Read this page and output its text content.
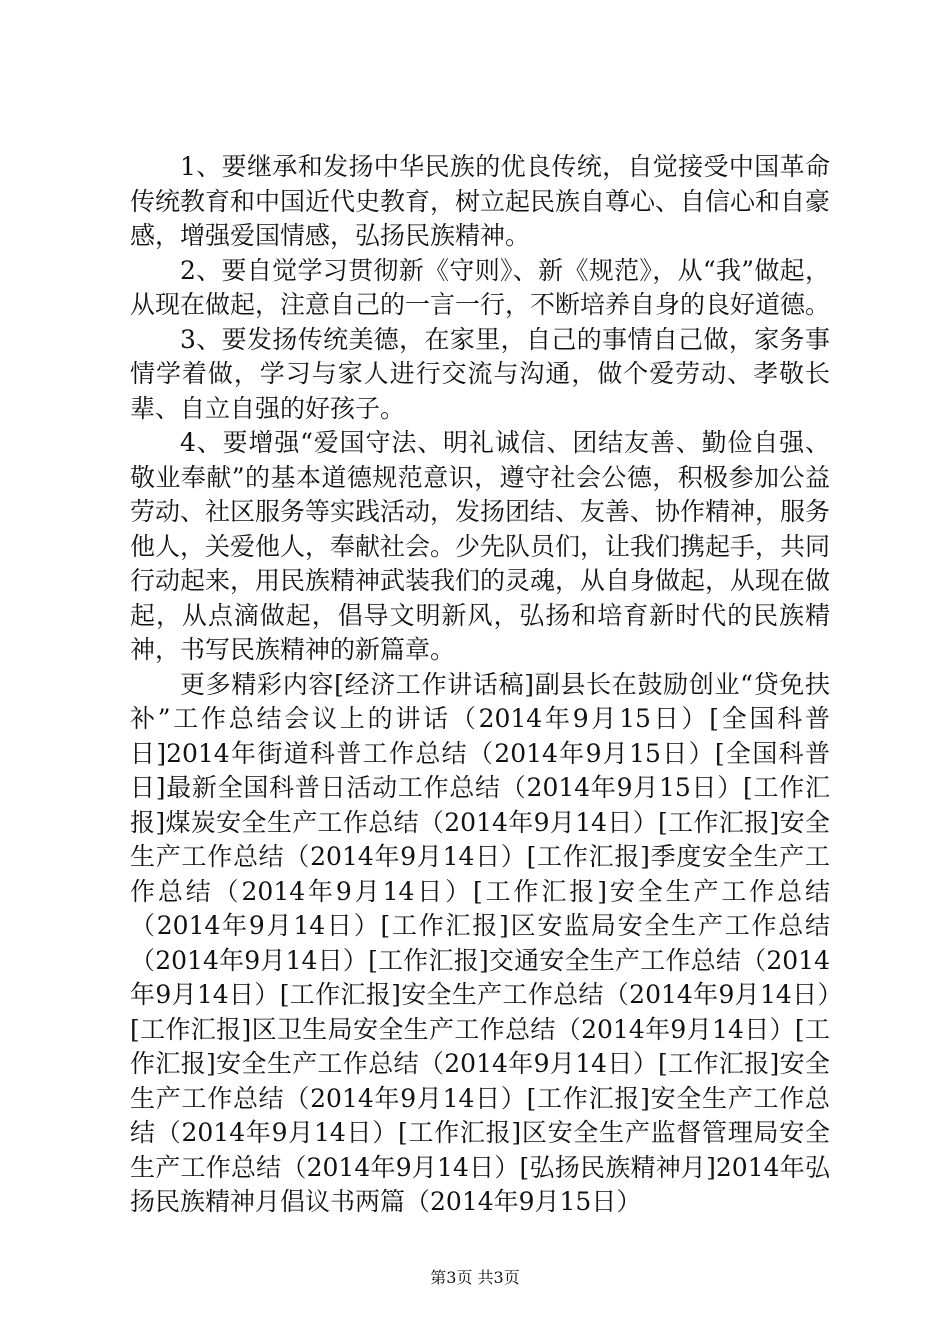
1、要继承和发扬中华民族的优良传统，自觉接受中国革命传统教育和中国近代史教育，树立起民族自尊心、自信心和自豪感，增强爱国情感，弘扬民族精神。

2、要自觉学习贯彻新《守则》、新《规范》，从“我”做起，从现在做起，注意自己的一言一行，不断培养自身的良好道德。

3、要发扬传统美德，在家里，自己的事情自己做，家务事情学着做，学习与家人进行交流与沟通，做个爱劳动、孝敬长辈、自立自强的好孩子。

4、要增强“爱国守法、明礼诚信、团结友善、勤俭自强、敬业奉献”的基本道德规范意识，遵守社会公德，积极参加公益劳动、社区服务等实践活动，发扬团结、友善、协作精神，服务他人，关爱他人，奉献社会。少先队员们，让我们携起手，共同行动起来，用民族精神武装我们的灵魂，从自身做起，从现在做起，从点滴做起，倡导文明新风，弘扬和培育新时代的民族精神，书写民族精神的新篇章。

更多精彩内容[经济工作讲话稿]副县长在鼓励创业“贷免扶补”工作总结会议上的讲话（2014年9月15日）[全国科普日]2014年街道科普工作总结（2014年9月15日）[全国科普日]最新全国科普日活动工作总结（2014年9月15日）[工作汇报]煤炭安全生产工作总结（2014年9月14日）[工作汇报]安全生产工作总结（2014年9月14日）[工作汇报]季度安全生产工作总结（2014年9月14日）[工作汇报]安全生产工作总结（2014年9月14日）[工作汇报]区安监局安全生产工作总结（2014年9月14日）[工作汇报]交通安全生产工作总结（2014年9月14日）[工作汇报]安全生产工作总结（2014年9月14日）[工作汇报]区卫生局安全生产工作总结（2014年9月14日）[工作汇报]安全生产工作总结（2014年9月14日）[工作汇报]安全生产工作总结（2014年9月14日）[工作汇报]安全生产工作总结（2014年9月14日）[工作汇报]区安全生产监督管理局安全生产工作总结（2014年9月14日）[弘扬民族精神月]2014年弘扬民族精神月倡议书两篇（2014年9月15日）

第3页 共3页
